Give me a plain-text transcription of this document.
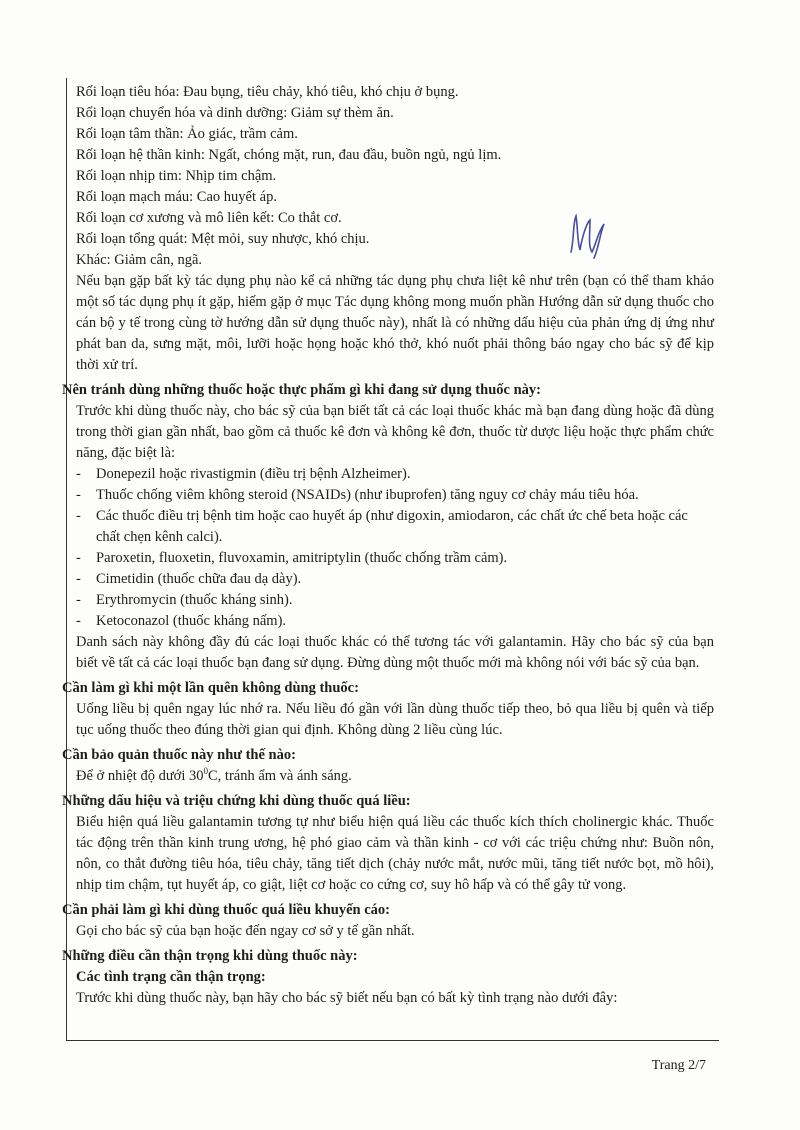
Rối loạn tiêu hóa: Đau bụng, tiêu chảy, khó tiêu, khó chịu ở bụng.
Rối loạn chuyển hóa và dinh dưỡng: Giảm sự thèm ăn.
Rối loạn tâm thần: Ảo giác, trầm cảm.
Rối loạn hệ thần kinh: Ngất, chóng mặt, run, đau đầu, buồn ngủ, ngủ lịm.
Rối loạn nhịp tim: Nhịp tim chậm.
Rối loạn mạch máu: Cao huyết áp.
Rối loạn cơ xương và mô liên kết: Co thắt cơ.
Rối loạn tổng quát: Mệt mỏi, suy nhược, khó chịu.
Khác: Giảm cân, ngã.
Nếu bạn gặp bất kỳ tác dụng phụ nào kể cả những tác dụng phụ chưa liệt kê như trên (bạn có thể tham khảo một số tác dụng phụ ít gặp, hiếm gặp ở mục Tác dụng không mong muốn phần Hướng dẫn sử dụng thuốc cho cán bộ y tế trong cùng tờ hướng dẫn sử dụng thuốc này), nhất là có những dấu hiệu của phản ứng dị ứng như phát ban da, sưng mặt, môi, lưỡi hoặc họng hoặc khó thở, khó nuốt phải thông báo ngay cho bác sỹ để kịp thời xử trí.
Nên tránh dùng những thuốc hoặc thực phẩm gì khi đang sử dụng thuốc này:
Trước khi dùng thuốc này, cho bác sỹ của bạn biết tất cả các loại thuốc khác mà bạn đang dùng hoặc đã dùng trong thời gian gần nhất, bao gồm cả thuốc kê đơn và không kê đơn, thuốc từ dược liệu hoặc thực phẩm chức năng, đặc biệt là:
- Donepezil hoặc rivastigmin (điều trị bệnh Alzheimer).
- Thuốc chống viêm không steroid (NSAIDs) (như ibuprofen) tăng nguy cơ chảy máu tiêu hóa.
- Các thuốc điều trị bệnh tim hoặc cao huyết áp (như digoxin, amiodaron, các chất ức chế beta hoặc các chất chẹn kênh calci).
- Paroxetin, fluoxetin, fluvoxamin, amitriptylin (thuốc chống trầm cảm).
- Cimetidin (thuốc chữa đau dạ dày).
- Erythromycin (thuốc kháng sinh).
- Ketoconazol (thuốc kháng nấm).
Danh sách này không đầy đủ các loại thuốc khác có thể tương tác với galantamin. Hãy cho bác sỹ của bạn biết về tất cả các loại thuốc bạn đang sử dụng. Đừng dùng một thuốc mới mà không nói với bác sỹ của bạn.
Cần làm gì khi một lần quên không dùng thuốc:
Uống liều bị quên ngay lúc nhớ ra. Nếu liều đó gần với lần dùng thuốc tiếp theo, bỏ qua liều bị quên và tiếp tục uống thuốc theo đúng thời gian qui định. Không dùng 2 liều cùng lúc.
Cần bảo quản thuốc này như thế nào:
Để ở nhiệt độ dưới $30^0C$, tránh ẩm và ánh sáng.
Những dấu hiệu và triệu chứng khi dùng thuốc quá liều:
Biểu hiện quá liều galantamin tương tự như biểu hiện quá liều các thuốc kích thích cholinergic khác. Thuốc tác động trên thần kinh trung ương, hệ phó giao cảm và thần kinh - cơ với các triệu chứng như: Buồn nôn, nôn, co thắt đường tiêu hóa, tiêu chảy, tăng tiết dịch (chảy nước mắt, nước mũi, tăng tiết nước bọt, mồ hôi), nhịp tim chậm, tụt huyết áp, co giật, liệt cơ hoặc co cứng cơ, suy hô hấp và có thể gây tử vong.
Cần phải làm gì khi dùng thuốc quá liều khuyến cáo:
Gọi cho bác sỹ của bạn hoặc đến ngay cơ sở y tế gần nhất.
Những điều cần thận trọng khi dùng thuốc này:
Các tình trạng cần thận trọng:
Trước khi dùng thuốc này, bạn hãy cho bác sỹ biết nếu bạn có bất kỳ tình trạng nào dưới đây:
Trang 2/7
